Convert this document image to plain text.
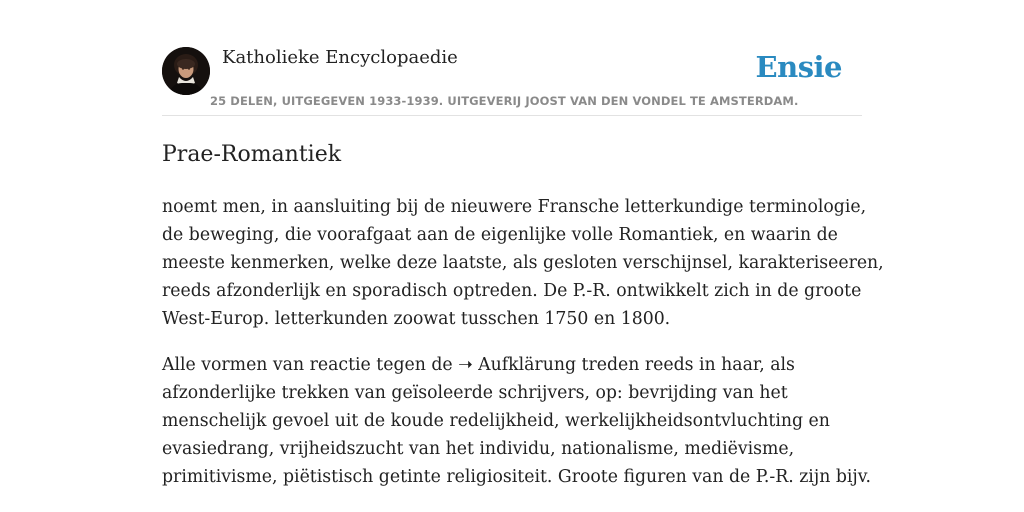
Katholieke Encyclopaedie
25 DELEN, UITGEGEVEN 1933-1939. UITGEVERIJ JOOST VAN DEN VONDEL TE AMSTERDAM.
Ensie
Prae-Romantiek

noemt men, in aansluiting bij de nieuwere Fransche letterkundige terminologie,
de beweging, die voorafgaat aan de eigenlijke volle Romantiek, en waarin de
meeste kenmerken, welke deze laatste, als gesloten verschijnsel, karakteriseeren,
reeds afzonderlijk en sporadisch optreden. De P.-R. ontwikkelt zich in de groote
West-Europ. letterkunden zoowat tusschen 1750 en 1800.

Alle vormen van reactie tegen de ➝ Aufklärung treden reeds in haar, als
afzonderlijke trekken van geïsoleerde schrijvers, op: bevrijding van het
menschelijk gevoel uit de koude redelijkheid, werkelijkheidsontvluchting en
evasiedrang, vrijheidszucht van het individu, nationalisme, mediëvisme,
primitivisme, piëtistisch getinte religiositeit. Groote figuren van de P.-R. zijn bijv.
